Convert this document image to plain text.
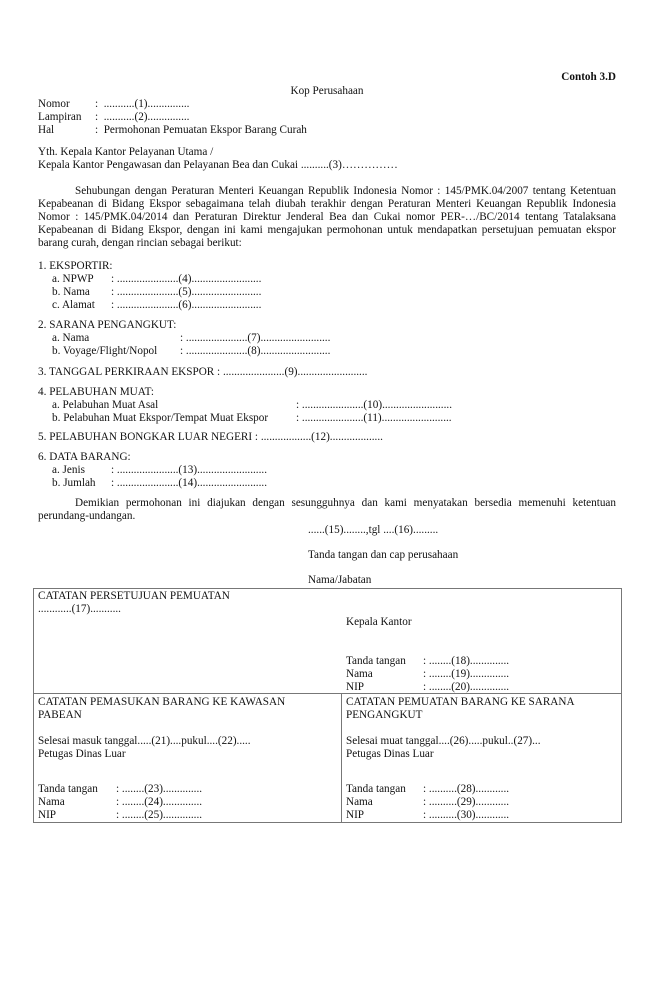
Contoh 3.D
Kop Perusahaan
Nomor :  ...........(1)...............
Lampiran :  ...........(2)...............
Hal	:  Permohonan Pemuatan Ekspor Barang Curah
Yth. Kepala Kantor Pelayanan Utama /
Kepala Kantor Pengawasan dan Pelayanan Bea dan Cukai ..........(3)……………
Sehubungan dengan Peraturan Menteri Keuangan Republik Indonesia Nomor : 145/PMK.04/2007 tentang Ketentuan Kepabeanan di Bidang Ekspor sebagaimana telah diubah terakhir dengan Peraturan Menteri Keuangan Republik Indonesia Nomor : 145/PMK.04/2014 dan Peraturan Direktur Jenderal Bea dan Cukai nomor PER-…/BC/2014 tentang Tatalaksana Kepabeanan di Bidang Ekspor, dengan ini kami mengajukan permohonan untuk mendapatkan persetujuan pemuatan ekspor barang curah, dengan rincian sebagai berikut:
1. EKSPORTIR:
a. NPWP : ......................(4).........................
b. Nama : ......................(5).........................
c. Alamat : ......................(6).........................
2. SARANA PENGANGKUT:
a. Nama	: ......................(7).........................
b. Voyage/Flight/Nopol : ......................(8).........................
3. TANGGAL PERKIRAAN EKSPOR : ......................(9).........................
4. PELABUHAN MUAT:
a. Pelabuhan Muat Asal	: ......................(10).........................
b. Pelabuhan Muat Ekspor/Tempat Muat Ekspor : ......................(11).........................
5. PELABUHAN BONGKAR LUAR NEGERI : ..................(12)...................
6. DATA BARANG:
a. Jenis : ......................(13).........................
b. Jumlah : ......................(14).........................
Demikian permohonan ini diajukan dengan sesungguhnya dan kami menyatakan bersedia memenuhi ketentuan perundang-undangan.
......(15)........,tgl ....(16).........
Tanda tangan dan cap perusahaan
Nama/Jabatan
CATATAN PERSETUJUAN PEMUATAN
............(17)...........
Kepala Kantor
Tanda tangan : ........(18)..............
Nama	: ........(19)..............
NIP	: ........(20)..............
CATATAN PEMASUKAN BARANG KE KAWASAN
PABEAN
Selesai masuk tanggal.....(21)....pukul....(22).....
Petugas Dinas Luar
Tanda tangan : ........(23)..............
Nama	: ........(24)..............
NIP	: ........(25)..............
CATATAN PEMUATAN BARANG KE SARANA
PENGANGKUT
Selesai muat tanggal....(26).....pukul..(27)...
Petugas Dinas Luar
Tanda tangan : ..........(28)............
Nama	: ..........(29)............
NIP	: ..........(30)............
